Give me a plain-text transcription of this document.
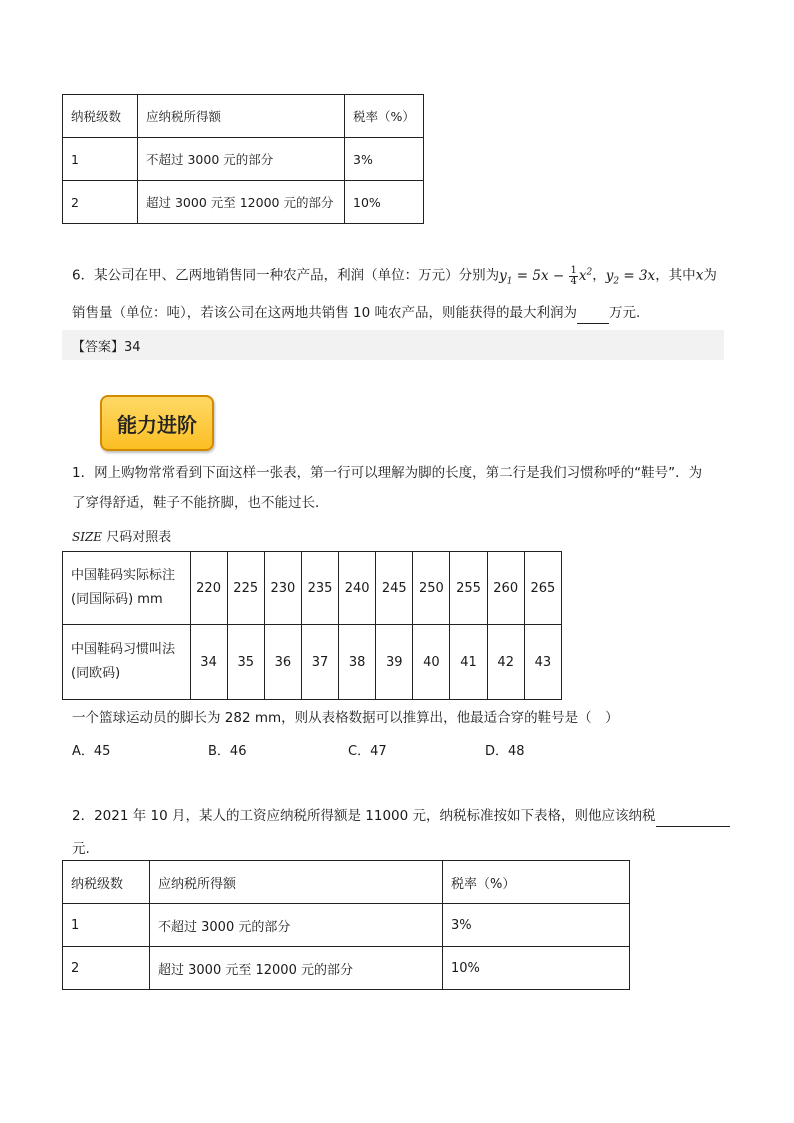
纳税级数	应纳税所得额	税率（%）
1	不超过 3000 元的部分	3%
2	超过 3000 元至 12000 元的部分	10%
6．某公司在甲、乙两地销售同一种农产品，利润（单位：万元）分别为$y_1 = 5x - \frac{1}{4} x^2$，$y_2 = 3x$，其中x为
销售量（单位：吨），若该公司在这两地共销售 10 吨农产品，则能获得的最大利润为 万元.
【答案】34
能力进阶
1．网上购物常常看到下面这样一张表，第一行可以理解为脚的长度，第二行是我们习惯称呼的“鞋号”．为
了穿得舒适，鞋子不能挤脚，也不能过长．
SIZE 尺码对照表
中国鞋码实际标注
(同国际码) mm	220	225	230	235	240	245	250	255	260	265

中国鞋码习惯叫法
(同欧码)	34	35	36	37	38	39	40	41	42	43
一个篮球运动员的脚长为 282 mm，则从表格数据可以推算出，他最适合穿的鞋号是（　）
A．45	B．46	C．47	D．48
2．2021 年 10 月，某人的工资应纳税所得额是 11000 元，纳税标准按如下表格，则他应该纳税
元.
纳税级数	应纳税所得额	税率（%）
1	不超过 3000 元的部分	3%
2	超过 3000 元至 12000 元的部分	10%
